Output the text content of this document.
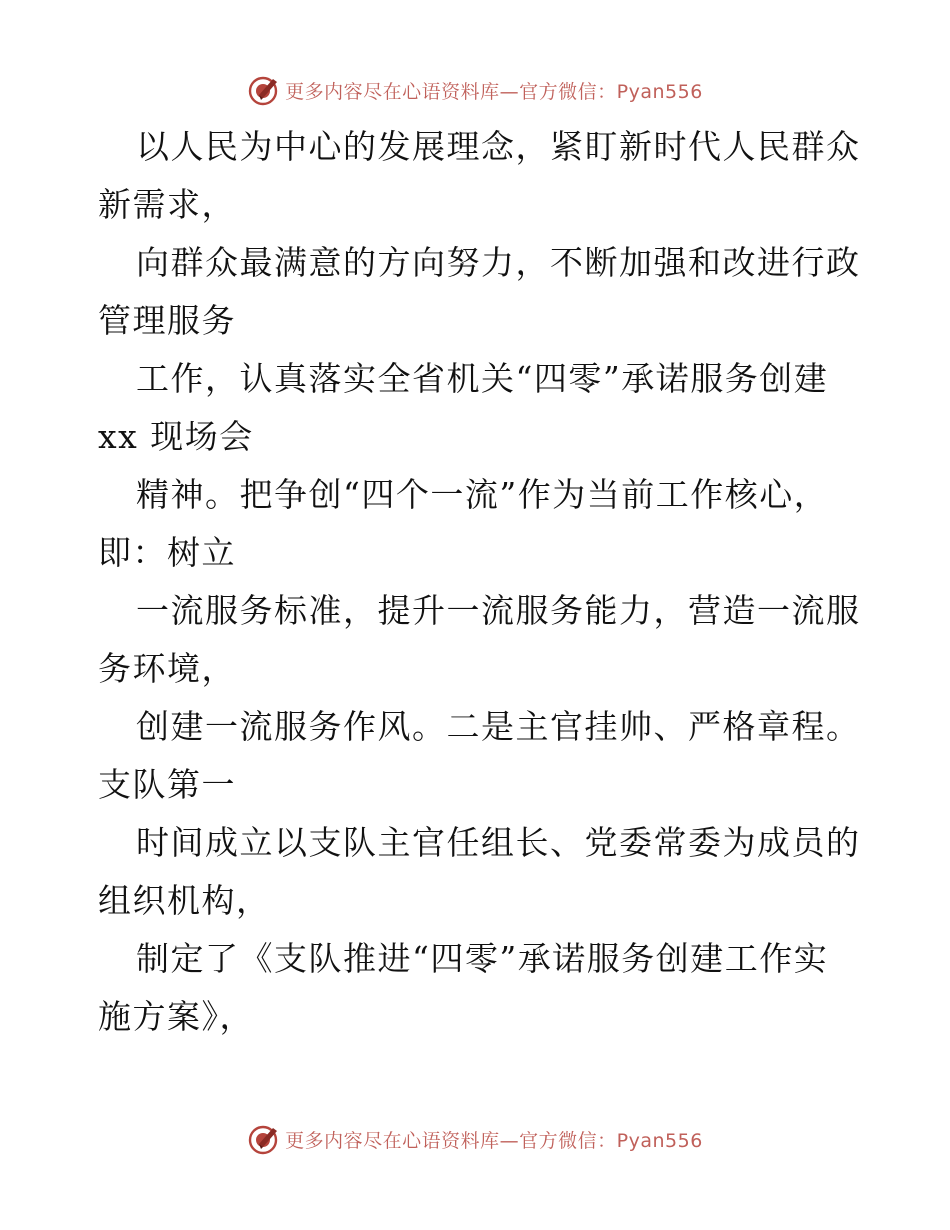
更多内容尽在心语资料库—官方微信：Pyan556
以人民为中心的发展理念，紧盯新时代人民群众
新需求，
向群众最满意的方向努力，不断加强和改进行政
管理服务
工作，认真落实全省机关“四零”承诺服务创建
xx 现场会
精神。把争创“四个一流”作为当前工作核心，
即：树立
一流服务标准，提升一流服务能力，营造一流服
务环境，
创建一流服务作风。二是主官挂帅、严格章程。
支队第一
时间成立以支队主官任组长、党委常委为成员的
组织机构，
制定了《支队推进“四零”承诺服务创建工作实
施方案》，
更多内容尽在心语资料库—官方微信：Pyan556
